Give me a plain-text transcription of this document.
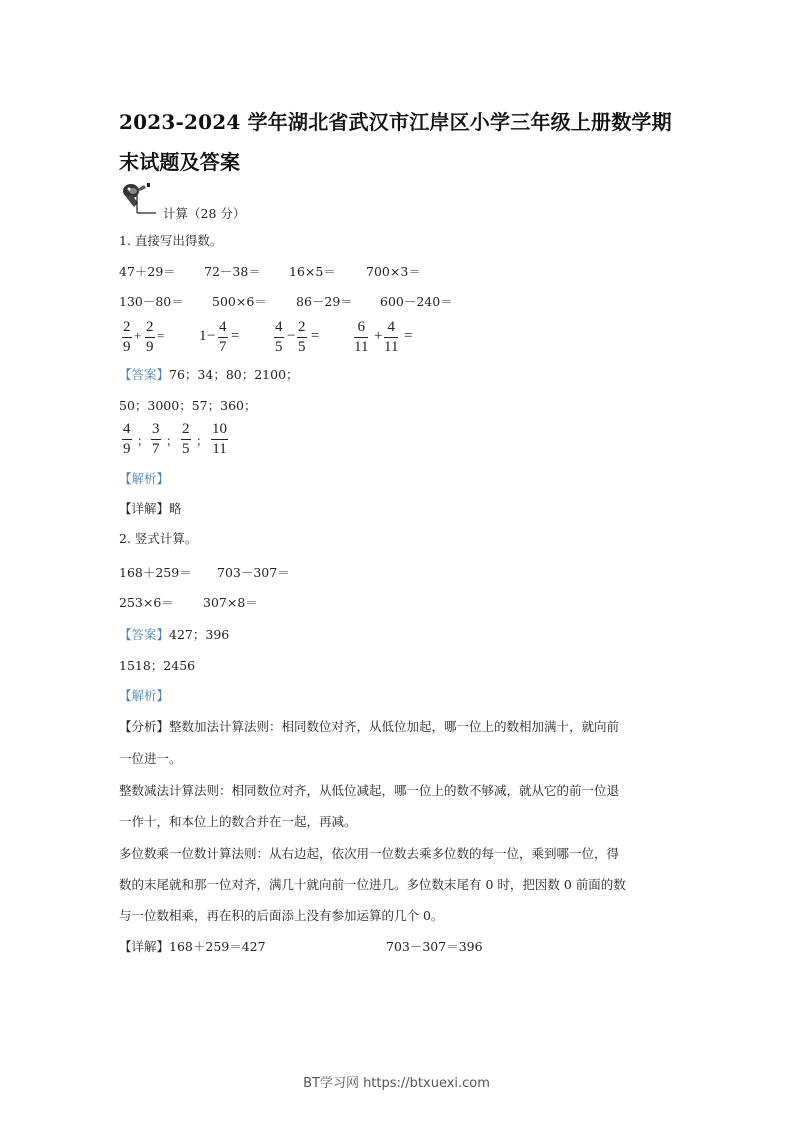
2023-2024 学年湖北省武汉市江岸区小学三年级上册数学期
末试题及答案
计算（28 分）
1. 直接写出得数。
47＋29＝ 72－38＝ 16×5＝ 700×3＝
130－80＝ 500×6＝ 86－29＝ 600－240＝
2
9
+
2
9
= 1 −
4
7
=
4
5
−
2
5
=
6
11
+
4
11
=
【答案】76；34；80；2100；
50；3000；57；360；
4
9 ；
3
7 ；
2
5 ；
10
11
【解析】
【详解】略
2. 竖式计算。
168＋259＝ 703－307＝
253×6＝ 307×8＝
【答案】427；396
1518；2456
【解析】
【分析】整数加法计算法则：相同数位对齐，从低位加起，哪一位上的数相加满十，就向前
一位进一。
整数减法计算法则：相同数位对齐，从低位减起，哪一位上的数不够减，就从它的前一位退
一作十，和本位上的数合并在一起，再减。
多位数乘一位数计算法则：从右边起，依次用一位数去乘多位数的每一位，乘到哪一位，得
数的末尾就和那一位对齐，满几十就向前一位进几。多位数末尾有 0 时，把因数 0 前面的数
与一位数相乘，再在积的后面添上没有参加运算的几个 0。
【详解】168＋259＝427	703－307＝396
BT学习网 https://btxuexi.com
